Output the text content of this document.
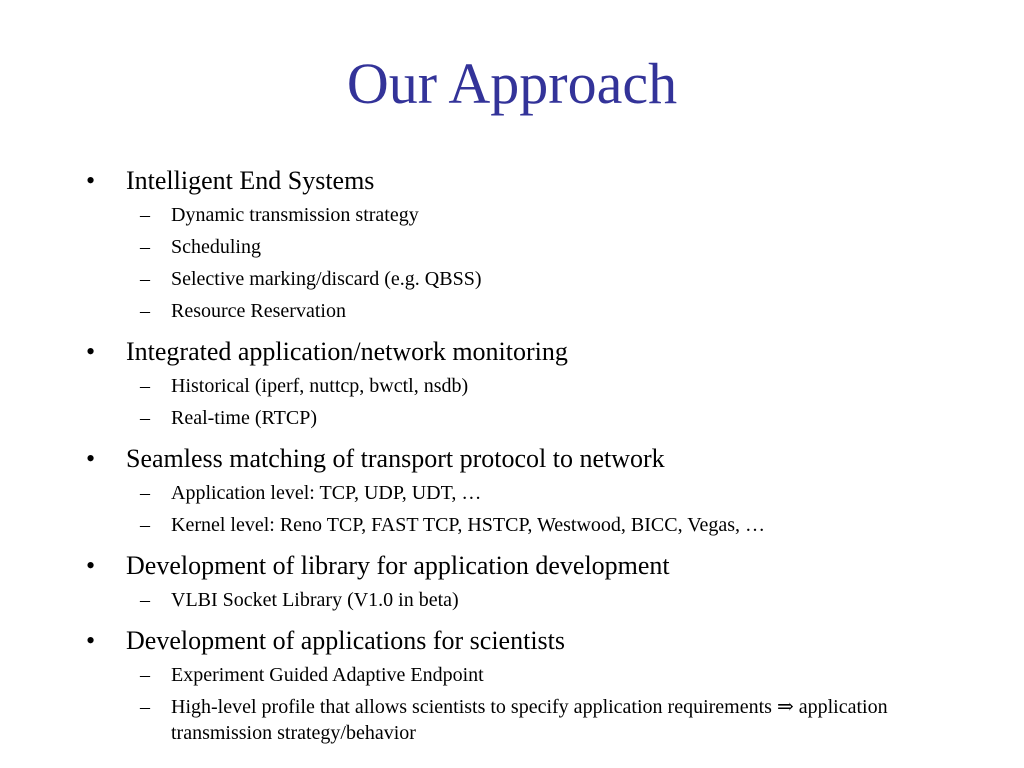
Our Approach
•	Intelligent End Systems
–	Dynamic transmission strategy
–	Scheduling
–	Selective marking/discard (e.g. QBSS)
–	Resource Reservation
•	Integrated application/network monitoring
–	Historical (iperf, nuttcp, bwctl, nsdb)
–	Real-time (RTCP)
•	Seamless matching of transport protocol to network
–	Application level: TCP, UDP, UDT, …
–	Kernel level: Reno TCP, FAST TCP, HSTCP, Westwood, BICC, Vegas, …
•	Development of library for application development
–	VLBI Socket Library (V1.0 in beta)
•	Development of applications for scientists
–	Experiment Guided Adaptive Endpoint
–	High-level profile that allows scientists to specify application requirements ⇒ application transmission strategy/behavior
